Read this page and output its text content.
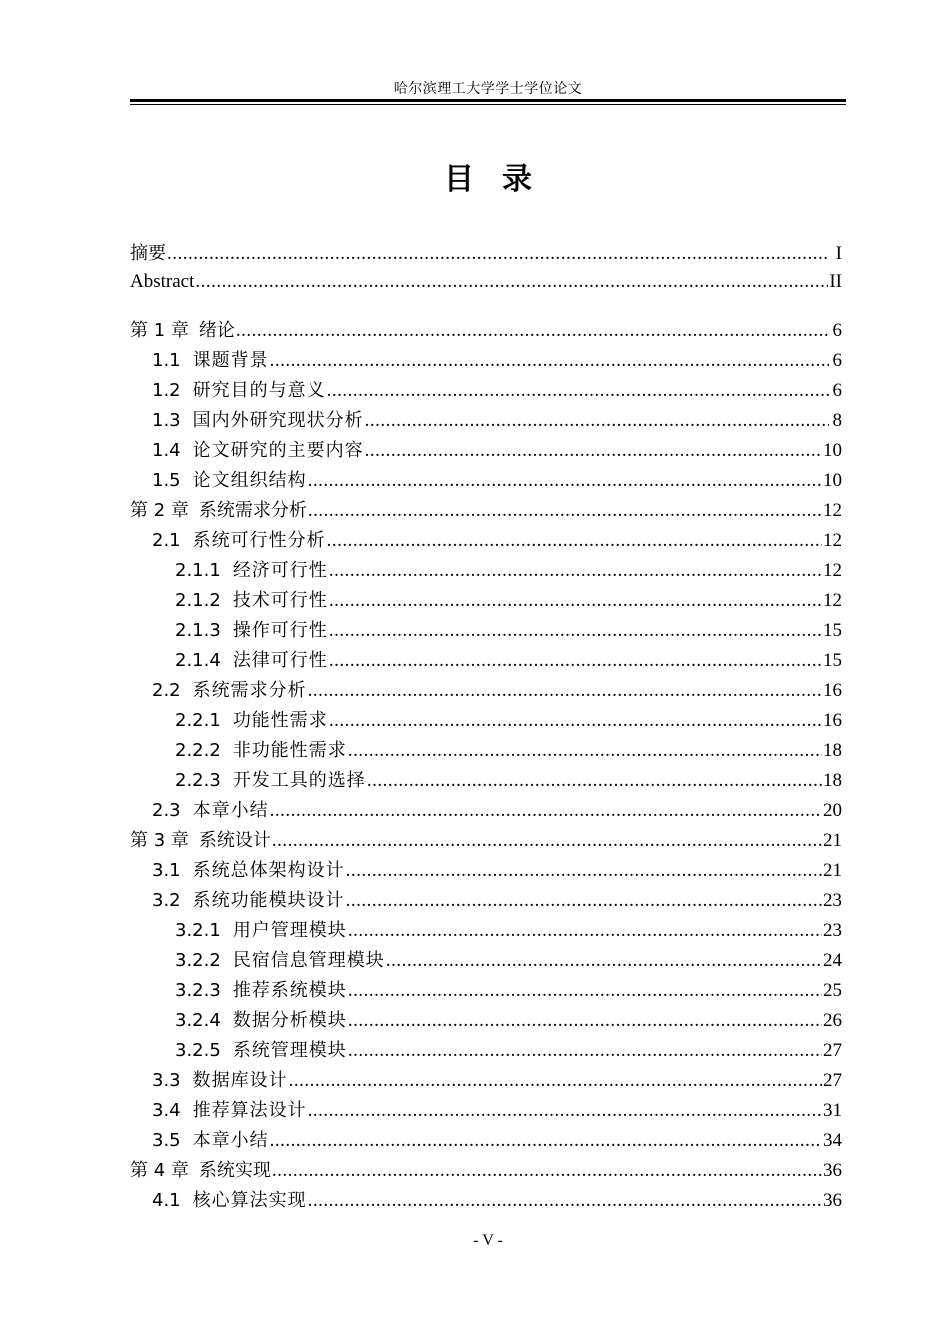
哈尔滨理工大学学士学位论文
目录
摘要 .....	I
Abstract .....	II
第 1 章 绪论 .....	6
1.1 课题背景 .....	6
1.2 研究目的与意义 .....	6
1.3 国内外研究现状分析 .....	8
1.4 论文研究的主要内容 .....	10
1.5 论文组织结构 .....	10
第 2 章 系统需求分析 .....	12
2.1 系统可行性分析 .....	12
2.1.1 经济可行性 .....	12
2.1.2 技术可行性 .....	12
2.1.3 操作可行性 .....	15
2.1.4 法律可行性 .....	15
2.2 系统需求分析 .....	16
2.2.1 功能性需求 .....	16
2.2.2 非功能性需求 .....	18
2.2.3 开发工具的选择 .....	18
2.3 本章小结 .....	20
第 3 章 系统设计 .....	21
3.1 系统总体架构设计 .....	21
3.2 系统功能模块设计 .....	23
3.2.1 用户管理模块 .....	23
3.2.2 民宿信息管理模块 .....	24
3.2.3 推荐系统模块 .....	25
3.2.4 数据分析模块 .....	26
3.2.5 系统管理模块 .....	27
3.3 数据库设计 .....	27
3.4 推荐算法设计 .....	31
3.5 本章小结 .....	34
第 4 章 系统实现 .....	36
4.1 核心算法实现 .....	36
- V -
